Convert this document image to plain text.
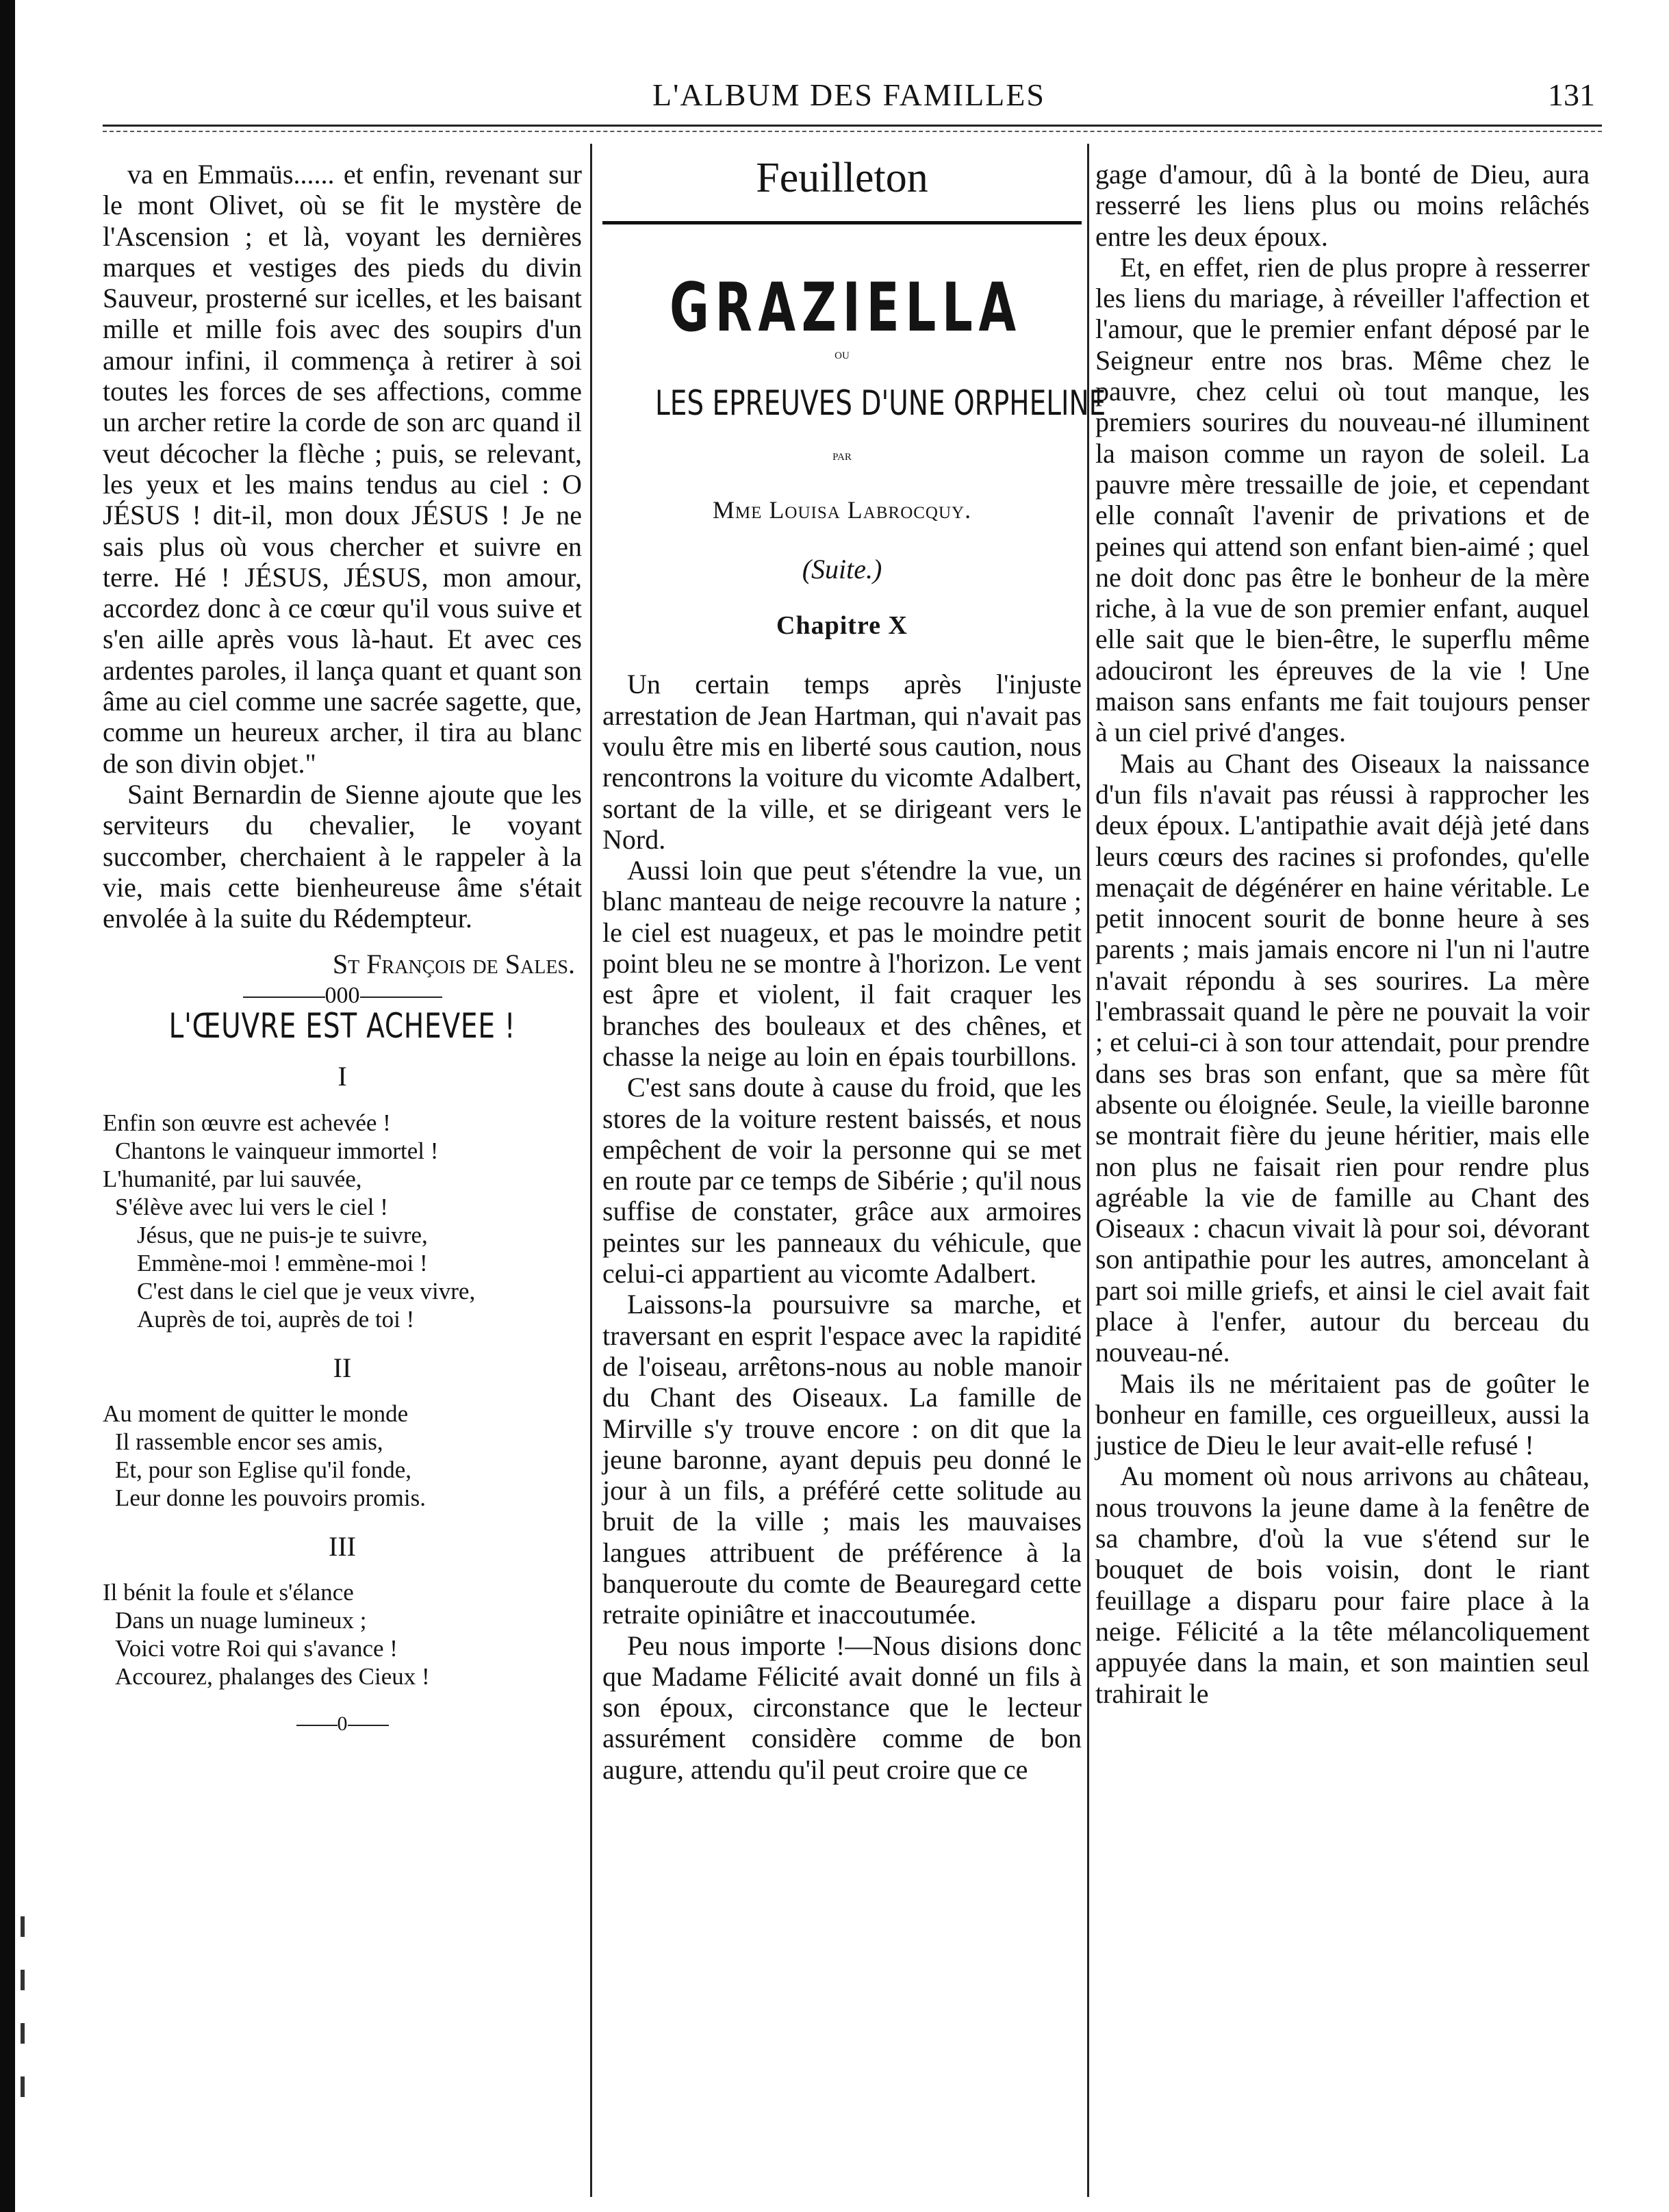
L'ALBUM DES FAMILLES	131

va en Emmaüs...... et enfin, revenant sur le mont Olivet, où se fit le mystère de l'Ascension ; et là, voyant les dernières marques et vestiges des pieds du divin Sauveur, prosterné sur icelles, et les baisant mille et mille fois avec des soupirs d'un amour infini, il commença à retirer à soi toutes les forces de ses affections, comme un archer retire la corde de son arc quand il veut décocher la flèche ; puis, se relevant, les yeux et les mains tendus au ciel : O JÉSUS ! dit-il, mon doux JÉSUS ! Je ne sais plus où vous chercher et suivre en terre. Hé ! JÉSUS, JÉSUS, mon amour, accordez donc à ce cœur qu'il vous suive et s'en aille après vous là-haut. Et avec ces ardentes paroles, il lança quant et quant son âme au ciel comme une sacrée sagette, que, comme un heureux archer, il tira au blanc de son divin objet."

Saint Bernardin de Sienne ajoute que les serviteurs du chevalier, le voyant succomber, cherchaient à le rappeler à la vie, mais cette bienheureuse âme s'était envolée à la suite du Rédempteur.

St François de Sales.

000

L'ŒUVRE EST ACHEVEE !

I
Enfin son œuvre est achevée !
Chantons le vainqueur immortel !
L'humanité, par lui sauvée,
S'élève avec lui vers le ciel !
Jésus, que ne puis-je te suivre,
Emmène-moi ! emmène-moi !
C'est dans le ciel que je veux vivre,
Auprès de toi, auprès de toi !
II
Au moment de quitter le monde
Il rassemble encor ses amis,
Et, pour son Eglise qu'il fonde,
Leur donne les pouvoirs promis.
III
Il bénit la foule et s'élance
Dans un nuage lumineux ;
Voici votre Roi qui s'avance !
Accourez, phalanges des Cieux !
0
Feuilleton
GRAZIELLA
ou
LES EPREUVES D'UNE ORPHELINE
par
Mme Louisa Labrocquy.
(Suite.)
Chapitre X

Un certain temps après l'injuste arrestation de Jean Hartman, qui n'avait pas voulu être mis en liberté sous caution, nous rencontrons la voiture du vicomte Adalbert, sortant de la ville, et se dirigeant vers le Nord.

Aussi loin que peut s'étendre la vue, un blanc manteau de neige recouvre la nature ; le ciel est nuageux, et pas le moindre petit point bleu ne se montre à l'horizon. Le vent est âpre et violent, il fait craquer les branches des bouleaux et des chênes, et chasse la neige au loin en épais tourbillons.

C'est sans doute à cause du froid, que les stores de la voiture restent baissés, et nous empêchent de voir la personne qui se met en route par ce temps de Sibérie ; qu'il nous suffise de constater, grâce aux armoires peintes sur les panneaux du véhicule, que celui-ci appartient au vicomte Adalbert.

Laissons-la poursuivre sa marche, et traversant en esprit l'espace avec la rapidité de l'oiseau, arrêtons-nous au noble manoir du Chant des Oiseaux. La famille de Mirville s'y trouve encore : on dit que la jeune baronne, ayant depuis peu donné le jour à un fils, a préféré cette solitude au bruit de la ville ; mais les mauvaises langues attribuent de préférence à la banqueroute du comte de Beauregard cette retraite opiniâtre et inaccoutumée.

Peu nous importe !—Nous disions donc que Madame Félicité avait donné un fils à son époux, circonstance que le lecteur assurément considère comme de bon augure, attendu qu'il peut croire que ce

gage d'amour, dû à la bonté de Dieu, aura resserré les liens plus ou moins relâchés entre les deux époux.

Et, en effet, rien de plus propre à resserrer les liens du mariage, à réveiller l'affection et l'amour, que le premier enfant déposé par le Seigneur entre nos bras. Même chez le pauvre, chez celui où tout manque, les premiers sourires du nouveau-né illuminent la maison comme un rayon de soleil. La pauvre mère tressaille de joie, et cependant elle connaît l'avenir de privations et de peines qui attend son enfant bien-aimé ; quel ne doit donc pas être le bonheur de la mère riche, à la vue de son premier enfant, auquel elle sait que le bien-être, le superflu même adouciront les épreuves de la vie ! Une maison sans enfants me fait toujours penser à un ciel privé d'anges.

Mais au Chant des Oiseaux la naissance d'un fils n'avait pas réussi à rapprocher les deux époux. L'antipathie avait déjà jeté dans leurs cœurs des racines si profondes, qu'elle menaçait de dégénérer en haine véritable. Le petit innocent sourit de bonne heure à ses parents ; mais jamais encore ni l'un ni l'autre n'avait répondu à ses sourires. La mère l'embrassait quand le père ne pouvait la voir ; et celui-ci à son tour attendait, pour prendre dans ses bras son enfant, que sa mère fût absente ou éloignée. Seule, la vieille baronne se montrait fière du jeune héritier, mais elle non plus ne faisait rien pour rendre plus agréable la vie de famille au Chant des Oiseaux : chacun vivait là pour soi, dévorant son antipathie pour les autres, amoncelant à part soi mille griefs, et ainsi le ciel avait fait place à l'enfer, autour du berceau du nouveau-né.

Mais ils ne méritaient pas de goûter le bonheur en famille, ces orgueilleux, aussi la justice de Dieu le leur avait-elle refusé !

Au moment où nous arrivons au château, nous trouvons la jeune dame à la fenêtre de sa chambre, d'où la vue s'étend sur le bouquet de bois voisin, dont le riant feuillage a disparu pour faire place à la neige. Félicité a la tête mélancoliquement appuyée dans la main, et son maintien seul trahirait le
